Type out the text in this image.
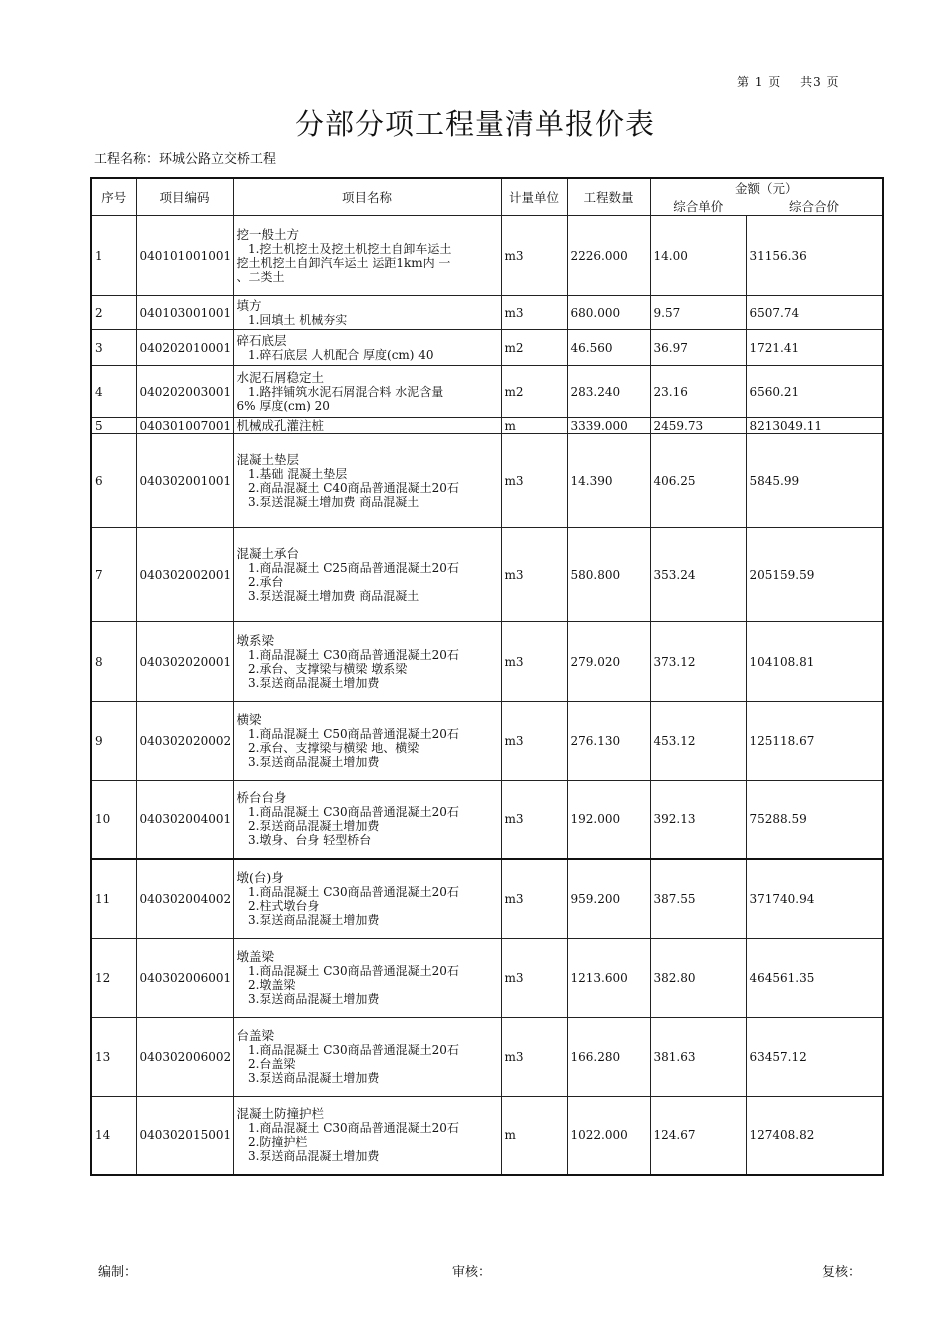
第 1 页 共3 页
分部分项工程量清单报价表
工程名称：环城公路立交桥工程
序号	项目编码	项目名称	计量单位	工程数量	金额（元）	
					综合单价	综合合价
1	040101001001	挖一般土方
1.挖土机挖土及挖土机挖土自卸车运土
挖土机挖土自卸汽车运土 运距1km内 一
、二类土	m3	2226.000	14.00	31156.36
2	040103001001	填方
1.回填土 机械夯实	m3	680.000	9.57	6507.74
3	040202010001	碎石底层
1.碎石底层 人机配合 厚度(cm) 40	m2	46.560	36.97	1721.41
4	040202003001	水泥石屑稳定土
1.路拌铺筑水泥石屑混合料 水泥含量
6% 厚度(cm) 20	m2	283.240	23.16	6560.21
5	040301007001	机械成孔灌注桩	m	3339.000	2459.73	8213049.11
6	040302001001	混凝土垫层
1.基础 混凝土垫层
2.商品混凝土 C40商品普通混凝土20石
3.泵送混凝土增加费 商品混凝土	m3	14.390	406.25	5845.99
7	040302002001	混凝土承台
1.商品混凝土 C25商品普通混凝土20石
2.承台
3.泵送混凝土增加费 商品混凝土	m3	580.800	353.24	205159.59
8	040302020001	墩系梁
1.商品混凝土 C30商品普通混凝土20石
2.承台、支撑梁与横梁 墩系梁
3.泵送商品混凝土增加费	m3	279.020	373.12	104108.81
9	040302020002	横梁
1.商品混凝土 C50商品普通混凝土20石
2.承台、支撑梁与横梁 地、横梁
3.泵送商品混凝土增加费	m3	276.130	453.12	125118.67
10	040302004001	桥台台身
1.商品混凝土 C30商品普通混凝土20石
2.泵送商品混凝土增加费
3.墩身、台身 轻型桥台	m3	192.000	392.13	75288.59
11	040302004002	墩(台)身
1.商品混凝土 C30商品普通混凝土20石
2.柱式墩台身
3.泵送商品混凝土增加费	m3	959.200	387.55	371740.94
12	040302006001	墩盖梁
1.商品混凝土 C30商品普通混凝土20石
2.墩盖梁
3.泵送商品混凝土增加费	m3	1213.600	382.80	464561.35
13	040302006002	台盖梁
1.商品混凝土 C30商品普通混凝土20石
2.台盖梁
3.泵送商品混凝土增加费	m3	166.280	381.63	63457.12
14	040302015001	混凝土防撞护栏
1.商品混凝土 C30商品普通混凝土20石
2.防撞护栏
3.泵送商品混凝土增加费	m	1022.000	124.67	127408.82
编制：	审核：	复核：
